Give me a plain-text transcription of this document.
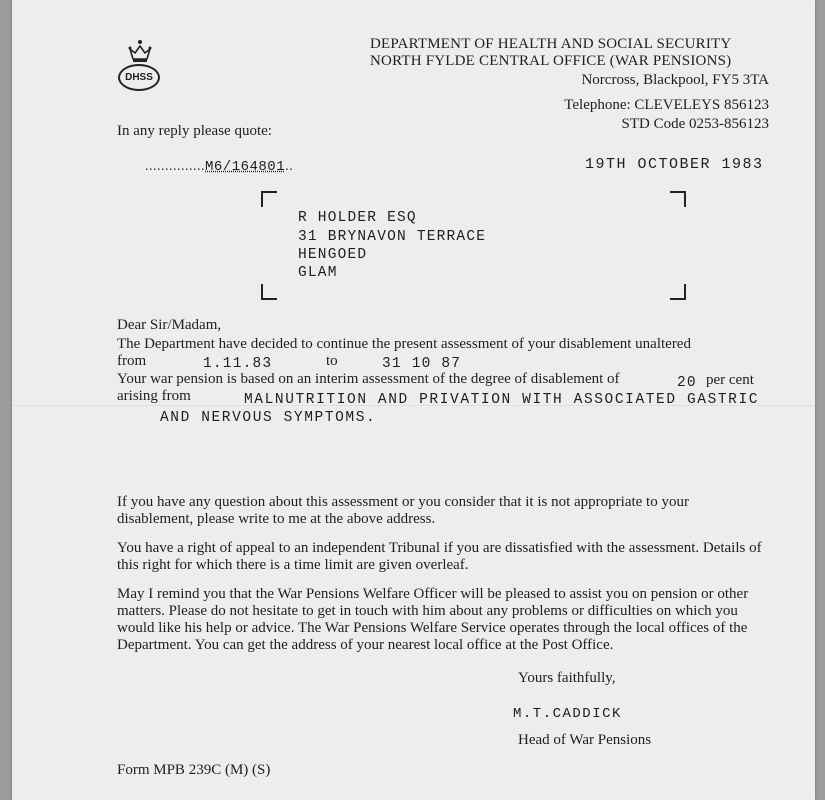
DHSS
DEPARTMENT OF HEALTH AND SOCIAL SECURITY
NORTH FYLDE CENTRAL OFFICE (WAR PENSIONS)
Norcross, Blackpool, FY5 3TA
Telephone: CLEVELEYS 856123
STD Code 0253-856123
In any reply please quote:
...............M6/164801..	19TH OCTOBER 1983
R HOLDER ESQ
31 BRYNAVON TERRACE
HENGOED
GLAM
Dear Sir/Madam,
The Department have decided to continue the present assessment of your disablement unaltered
from	1.11.83	to	31 10 87
Your war pension is based on an interim assessment of the degree of disablement of	20 per cent
arising from	MALNUTRITION AND PRIVATION WITH ASSOCIATED GASTRIC
AND NERVOUS SYMPTOMS.
If you have any question about this assessment or you consider that it is not appropriate to your disablement, please write to me at the above address.
You have a right of appeal to an independent Tribunal if you are dissatisfied with the assessment. Details of this right for which there is a time limit are given overleaf.
May I remind you that the War Pensions Welfare Officer will be pleased to assist you on pension or other matters. Please do not hesitate to get in touch with him about any problems or difficulties on which you would like his help or advice. The War Pensions Welfare Service operates through the local offices of the Department. You can get the address of your nearest local office at the Post Office.
Yours faithfully,
M.T.CADDICK
Head of War Pensions
Form MPB 239C (M) (S)
